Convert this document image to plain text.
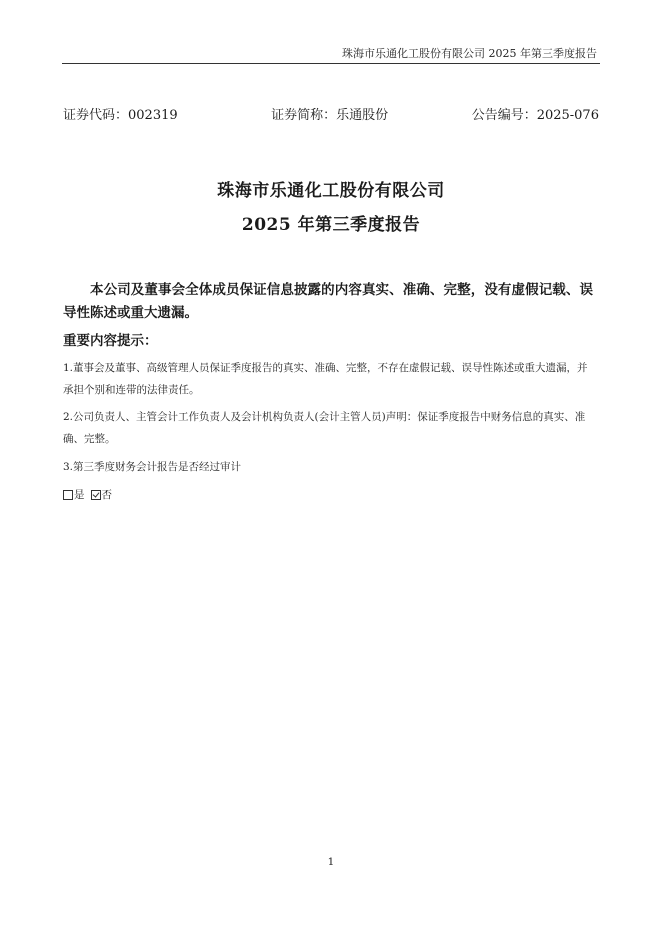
珠海市乐通化工股份有限公司 2025 年第三季度报告
证券代码：002319	证券简称：乐通股份	公告编号：2025-076
珠海市乐通化工股份有限公司
2025 年第三季度报告
本公司及董事会全体成员保证信息披露的内容真实、准确、完整，没有虚假记载、误导性陈述或重大遗漏。
重要内容提示：
1.董事会及董事、高级管理人员保证季度报告的真实、准确、完整，不存在虚假记载、误导性陈述或重大遗漏，并承担个别和连带的法律责任。
2.公司负责人、主管会计工作负责人及会计机构负责人(会计主管人员)声明：保证季度报告中财务信息的真实、准确、完整。
3.第三季度财务会计报告是否经过审计
是 否
1
